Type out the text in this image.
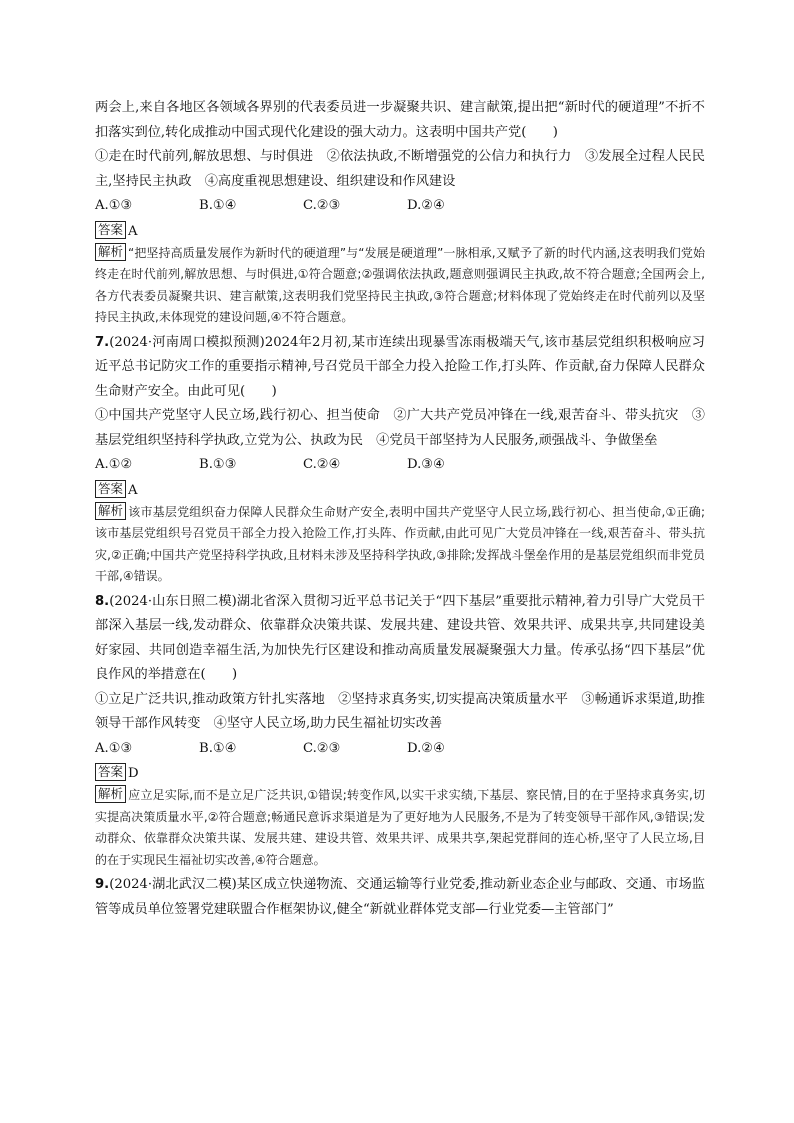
两会上,来自各地区各领域各界别的代表委员进一步凝聚共识、建言献策,提出把“新时代的硬道理”不折不扣落实到位,转化成推动中国式现代化建设的强大动力。这表明中国共产党(　　)

①走在时代前列,解放思想、与时俱进　②依法执政,不断增强党的公信力和执行力　③发展全过程人民民主,坚持民主执政　④高度重视思想建设、组织建设和作风建设

A.①③	B.①④	C.②③	D.②④

答案 A

解析 “把坚持高质量发展作为新时代的硬道理”与“发展是硬道理”一脉相承,又赋予了新的时代内涵,这表明我们党始终走在时代前列,解放思想、与时俱进,①符合题意;②强调依法执政,题意则强调民主执政,故不符合题意;全国两会上,各方代表委员凝聚共识、建言献策,这表明我们党坚持民主执政,③符合题意;材料体现了党始终走在时代前列以及坚持民主执政,未体现党的建设问题,④不符合题意。

7.(2024·河南周口模拟预测)2024年2月初,某市连续出现暴雪冻雨极端天气,该市基层党组织积极响应习近平总书记防灾工作的重要指示精神,号召党员干部全力投入抢险工作,打头阵、作贡献,奋力保障人民群众生命财产安全。由此可见(　　)

①中国共产党坚守人民立场,践行初心、担当使命　②广大共产党员冲锋在一线,艰苦奋斗、带头抗灾　③基层党组织坚持科学执政,立党为公、执政为民　④党员干部坚持为人民服务,顽强战斗、争做堡垒

A.①②	B.①③	C.②④	D.③④

答案 A

解析 该市基层党组织奋力保障人民群众生命财产安全,表明中国共产党坚守人民立场,践行初心、担当使命,①正确;该市基层党组织号召党员干部全力投入抢险工作,打头阵、作贡献,由此可见广大党员冲锋在一线,艰苦奋斗、带头抗灾,②正确;中国共产党坚持科学执政,且材料未涉及坚持科学执政,③排除;发挥战斗堡垒作用的是基层党组织而非党员干部,④错误。

8.(2024·山东日照二模)湖北省深入贯彻习近平总书记关于“四下基层”重要批示精神,着力引导广大党员干部深入基层一线,发动群众、依靠群众决策共谋、发展共建、建设共管、效果共评、成果共享,共同建设美好家园、共同创造幸福生活,为加快先行区建设和推动高质量发展凝聚强大力量。传承弘扬“四下基层”优良作风的举措意在(　　)

①立足广泛共识,推动政策方针扎实落地　②坚持求真务实,切实提高决策质量水平　③畅通诉求渠道,助推领导干部作风转变　④坚守人民立场,助力民生福祉切实改善

A.①③	B.①④	C.②③	D.②④

答案 D

解析 应立足实际,而不是立足广泛共识,①错误;转变作风,以实干求实绩,下基层、察民情,目的在于坚持求真务实,切实提高决策质量水平,②符合题意;畅通民意诉求渠道是为了更好地为人民服务,不是为了转变领导干部作风,③错误;发动群众、依靠群众决策共谋、发展共建、建设共管、效果共评、成果共享,架起党群间的连心桥,坚守了人民立场,目的在于实现民生福祉切实改善,④符合题意。

9.(2024·湖北武汉二模)某区成立快递物流、交通运输等行业党委,推动新业态企业与邮政、交通、市场监管等成员单位签署党建联盟合作框架协议,健全“新就业群体党支部—行业党委—主管部门”
